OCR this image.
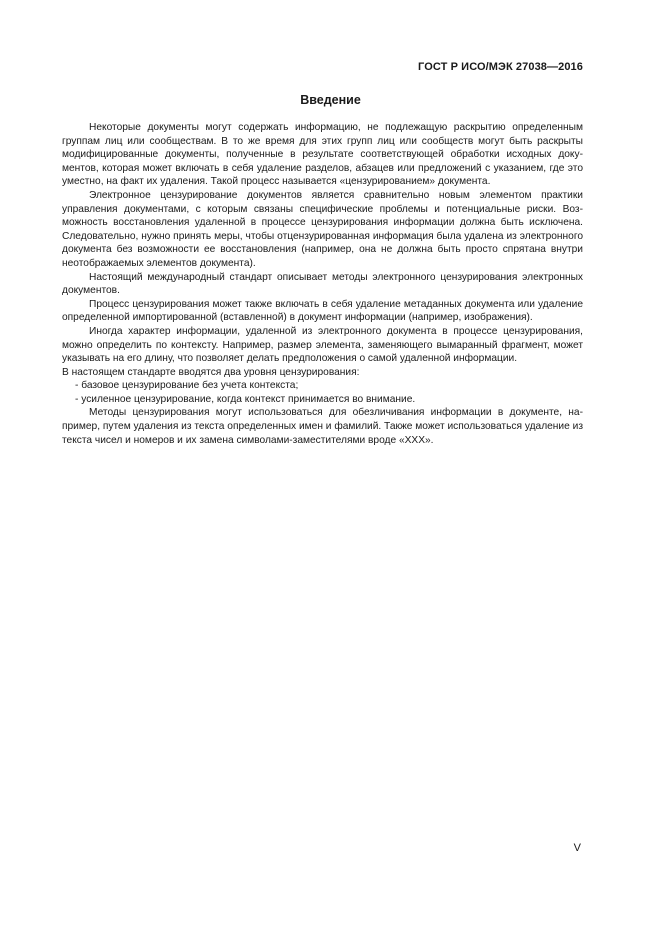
ГОСТ Р ИСО/МЭК 27038—2016
Введение

Некоторые документы могут содержать информацию, не подлежащую раскрытию определенным группам лиц или сообществам. В то же время для этих групп лиц или сообществ могут быть раскрыты модифицированные документы, полученные в результате соответствующей обработки исходных документов, которая может включать в себя удаление разделов, абзацев или предложений с указанием, где это уместно, на факт их удаления. Такой процесс называется «цензурированием» документа.

Электронное цензурирование документов является сравнительно новым элементом практики управления документами, с которым связаны специфические проблемы и потенциальные риски. Возможность восстановления удаленной в процессе цензурирования информации должна быть исключена. Следовательно, нужно принять меры, чтобы отцензурированная информация была удалена из электронного документа без возможности ее восстановления (например, она не должна быть просто спрятана внутри неотображаемых элементов документа).

Настоящий международный стандарт описывает методы электронного цензурирования электронных документов.

Процесс цензурирования может также включать в себя удаление метаданных документа или удаление определенной импортированной (вставленной) в документ информации (например, изображения).

Иногда характер информации, удаленной из электронного документа в процессе цензурирования, можно определить по контексту. Например, размер элемента, заменяющего вымаранный фрагмент, может указывать на его длину, что позволяет делать предположения о самой удаленной информации.

В настоящем стандарте вводятся два уровня цензурирования:

- базовое цензурирование без учета контекста;

- усиленное цензурирование, когда контекст принимается во внимание.

Методы цензурирования могут использоваться для обезличивания информации в документе, например, путем удаления из текста определенных имен и фамилий. Также может использоваться удаление из текста чисел и номеров и их замена символами-заместителями вроде «XXX».

V
